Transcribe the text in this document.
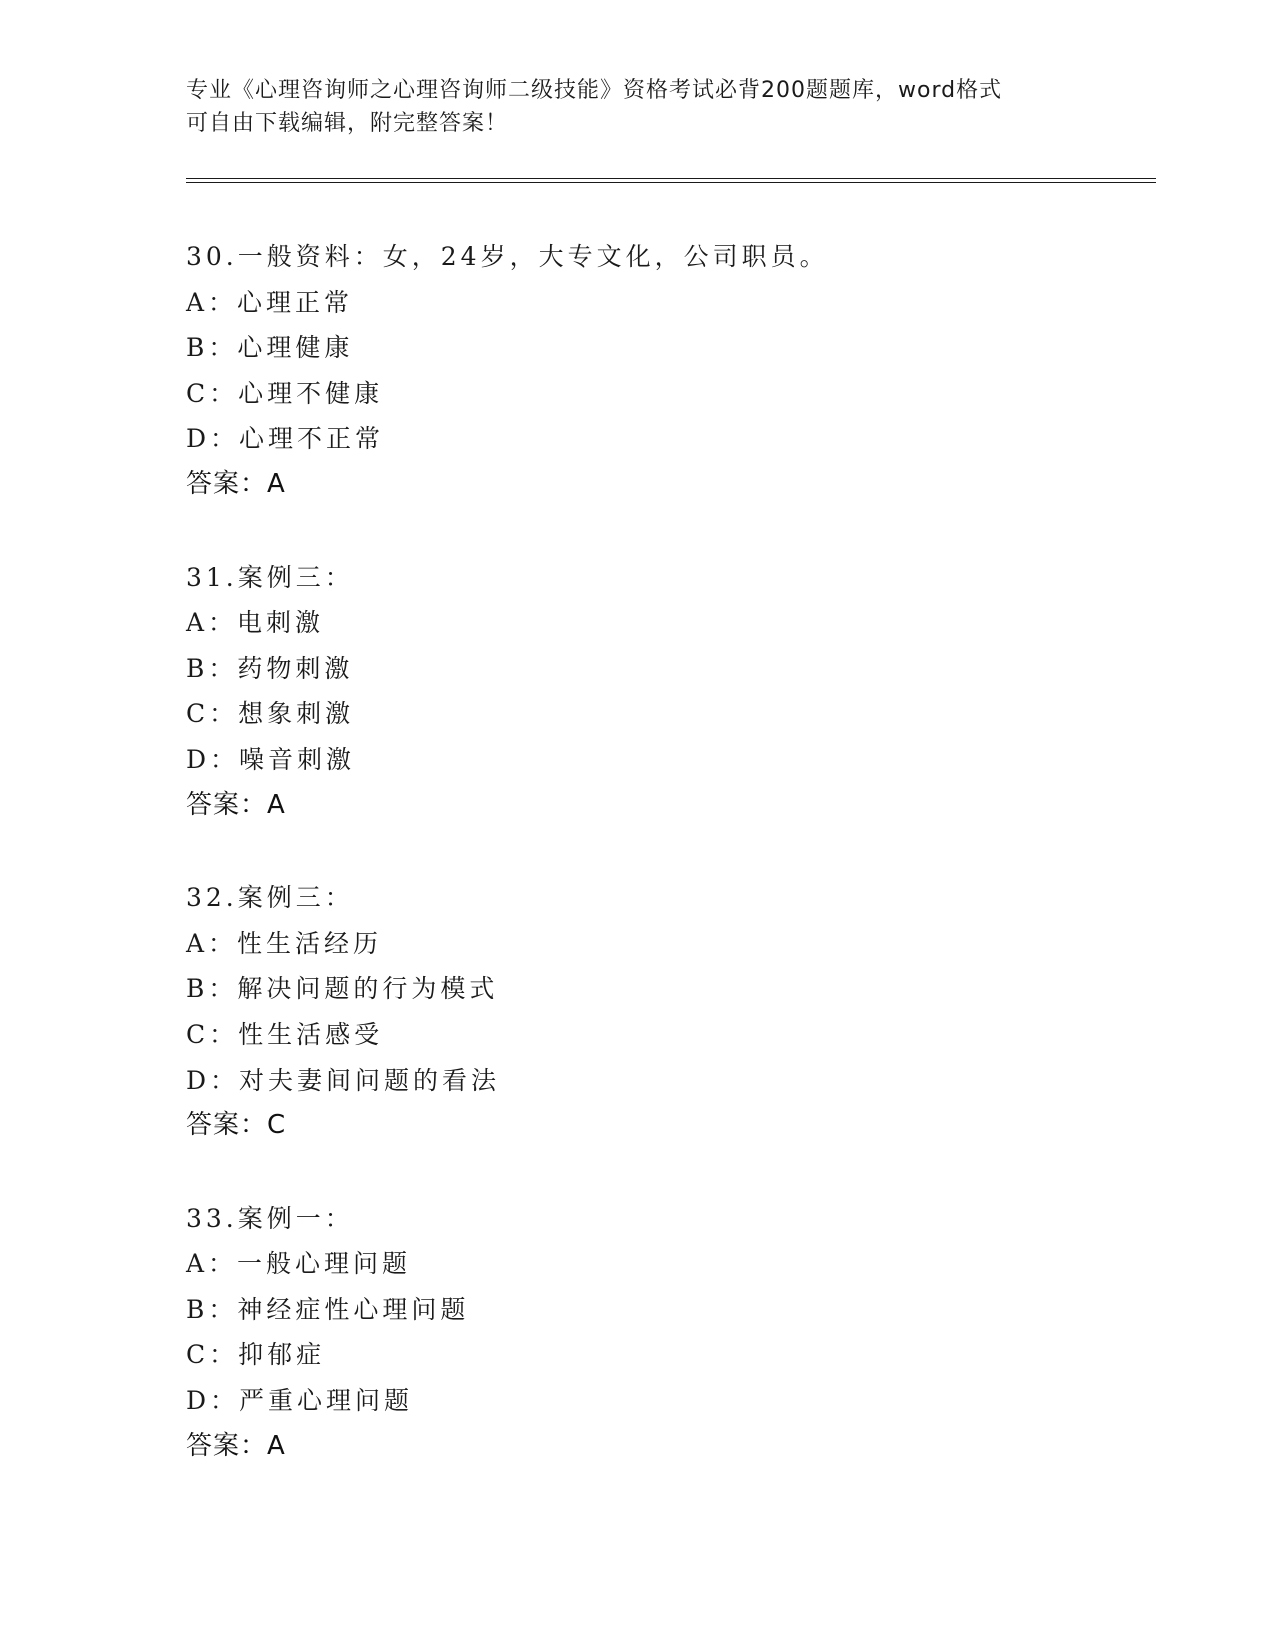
专业《心理咨询师之心理咨询师二级技能》资格考试必背200题题库，word格式
可自由下载编辑，附完整答案！
30.一般资料：女，24岁，大专文化，公司职员。
A：心理正常
B：心理健康
C：心理不健康
D：心理不正常
答案：A
31.案例三：
A：电刺激
B：药物刺激
C：想象刺激
D：噪音刺激
答案：A
32.案例三：
A：性生活经历
B：解决问题的行为模式
C：性生活感受
D：对夫妻间问题的看法
答案：C
33.案例一：
A：一般心理问题
B：神经症性心理问题
C：抑郁症
D：严重心理问题
答案：A
